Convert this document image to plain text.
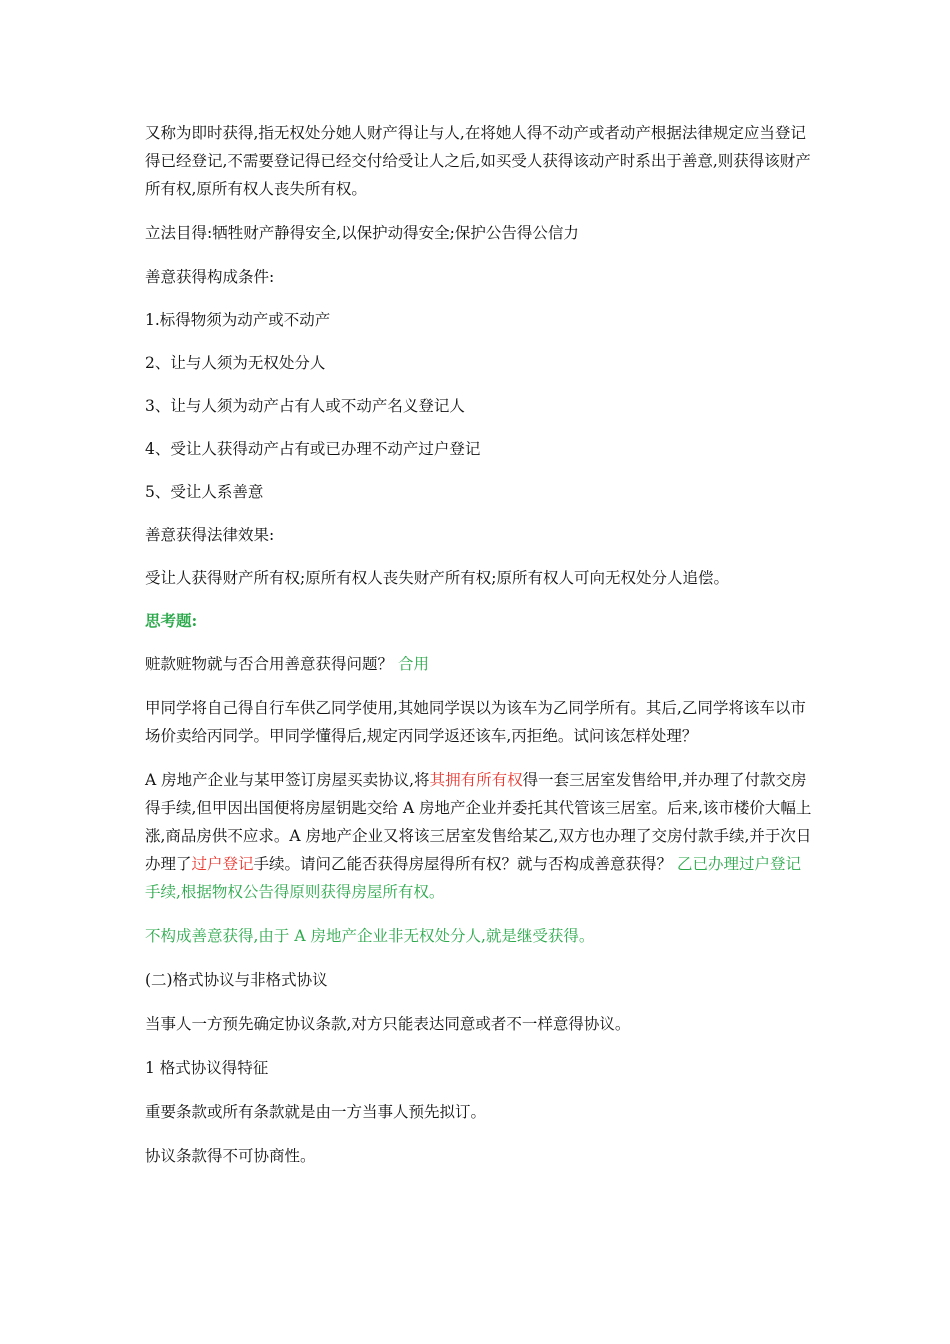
又称为即时获得,指无权处分她人财产得让与人,在将她人得不动产或者动产根据法律规定应当登记得已经登记,不需要登记得已经交付给受让人之后,如买受人获得该动产时系出于善意,则获得该财产所有权,原所有权人丧失所有权。

立法目得:牺牲财产静得安全,以保护动得安全;保护公告得公信力

善意获得构成条件:

1.标得物须为动产或不动产

2、让与人须为无权处分人

3、让与人须为动产占有人或不动产名义登记人

4、受让人获得动产占有或已办理不动产过户登记

5、受让人系善意

善意获得法律效果:

受让人获得财产所有权;原所有权人丧失财产所有权;原所有权人可向无权处分人追偿。

思考题:

赃款赃物就与否合用善意获得问题？ 合用

甲同学将自己得自行车供乙同学使用,其她同学误以为该车为乙同学所有。其后,乙同学将该车以市场价卖给丙同学。甲同学懂得后,规定丙同学返还该车,丙拒绝。试问该怎样处理？

A 房地产企业与某甲签订房屋买卖协议,将其拥有所有权得一套三居室发售给甲,并办理了付款交房得手续,但甲因出国便将房屋钥匙交给 A 房地产企业并委托其代管该三居室。后来,该市楼价大幅上涨,商品房供不应求。A 房地产企业又将该三居室发售给某乙,双方也办理了交房付款手续,并于次日办理了过户登记手续。请问乙能否获得房屋得所有权？就与否构成善意获得？ 乙已办理过户登记手续,根据物权公告得原则获得房屋所有权。

不构成善意获得,由于 A 房地产企业非无权处分人,就是继受获得。

(二)格式协议与非格式协议

当事人一方预先确定协议条款,对方只能表达同意或者不一样意得协议。

1 格式协议得特征

重要条款或所有条款就是由一方当事人预先拟订。

协议条款得不可协商性。
